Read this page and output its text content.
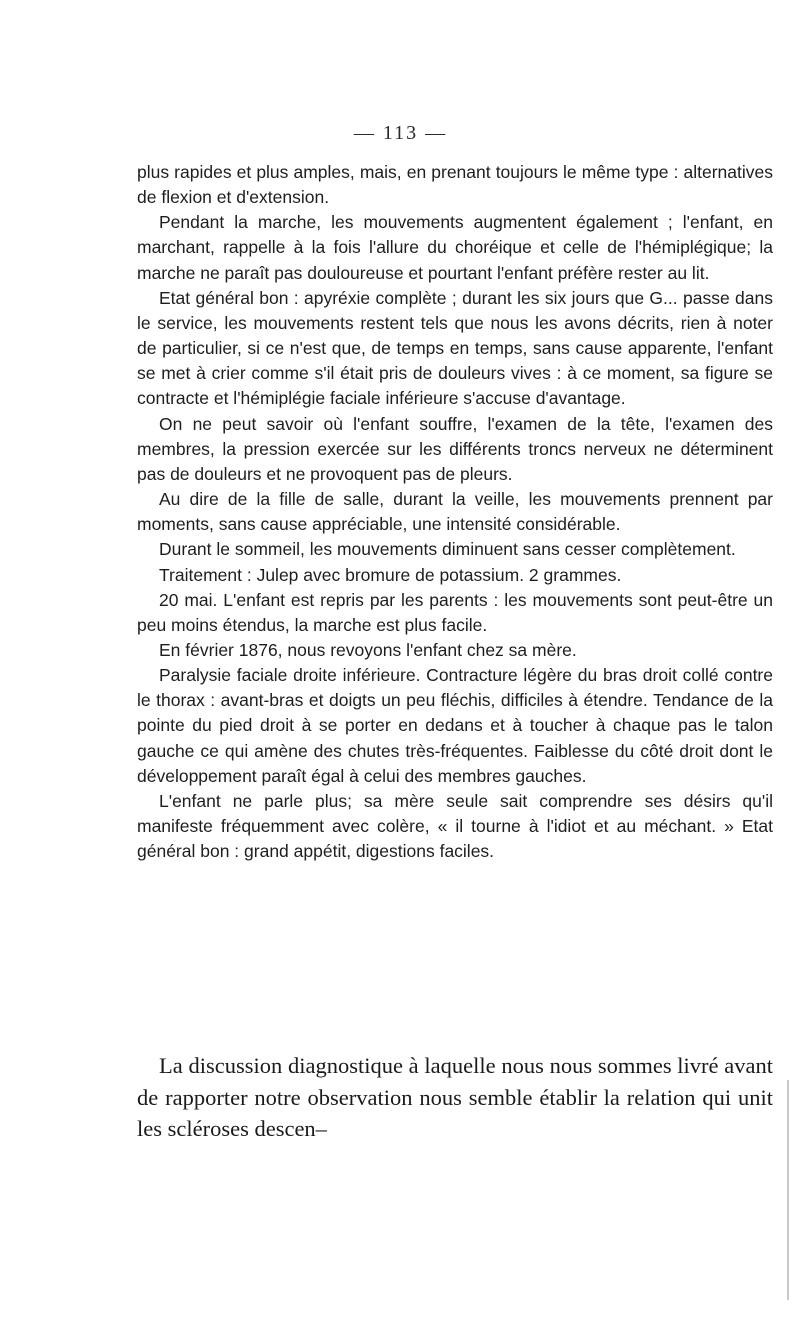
— 113 —

plus rapides et plus amples, mais, en prenant toujours le même type : alternatives de flexion et d'extension.

Pendant la marche, les mouvements augmentent également ; l'enfant, en marchant, rappelle à la fois l'allure du choréique et celle de l'hémiplégique; la marche ne paraît pas douloureuse et pourtant l'enfant préfère rester au lit.

Etat général bon : apyréxie complète ; durant les six jours que G... passe dans le service, les mouvements restent tels que nous les avons décrits, rien à noter de particulier, si ce n'est que, de temps en temps, sans cause apparente, l'enfant se met à crier comme s'il était pris de douleurs vives : à ce moment, sa figure se contracte et l'hémiplégie faciale inférieure s'accuse d'avantage.

On ne peut savoir où l'enfant souffre, l'examen de la tête, l'examen des membres, la pression exercée sur les différents troncs nerveux ne déterminent pas de douleurs et ne provoquent pas de pleurs.

Au dire de la fille de salle, durant la veille, les mouvements prennent par moments, sans cause appréciable, une intensité considérable.

Durant le sommeil, les mouvements diminuent sans cesser complètement.

Traitement : Julep avec bromure de potassium. 2 grammes.

20 mai. L'enfant est repris par les parents : les mouvements sont peut-être un peu moins étendus, la marche est plus facile.

En février 1876, nous revoyons l'enfant chez sa mère.

Paralysie faciale droite inférieure. Contracture légère du bras droit collé contre le thorax : avant-bras et doigts un peu fléchis, difficiles à étendre. Tendance de la pointe du pied droit à se porter en dedans et à toucher à chaque pas le talon gauche ce qui amène des chutes très-fréquentes. Faiblesse du côté droit dont le développement paraît égal à celui des membres gauches.

L'enfant ne parle plus; sa mère seule sait comprendre ses désirs qu'il manifeste fréquemment avec colère, « il tourne à l'idiot et au méchant. » Etat général bon : grand appétit, digestions faciles.

La discussion diagnostique à laquelle nous nous sommes livré avant de rapporter notre observation nous semble établir la relation qui unit les scléroses descen–
